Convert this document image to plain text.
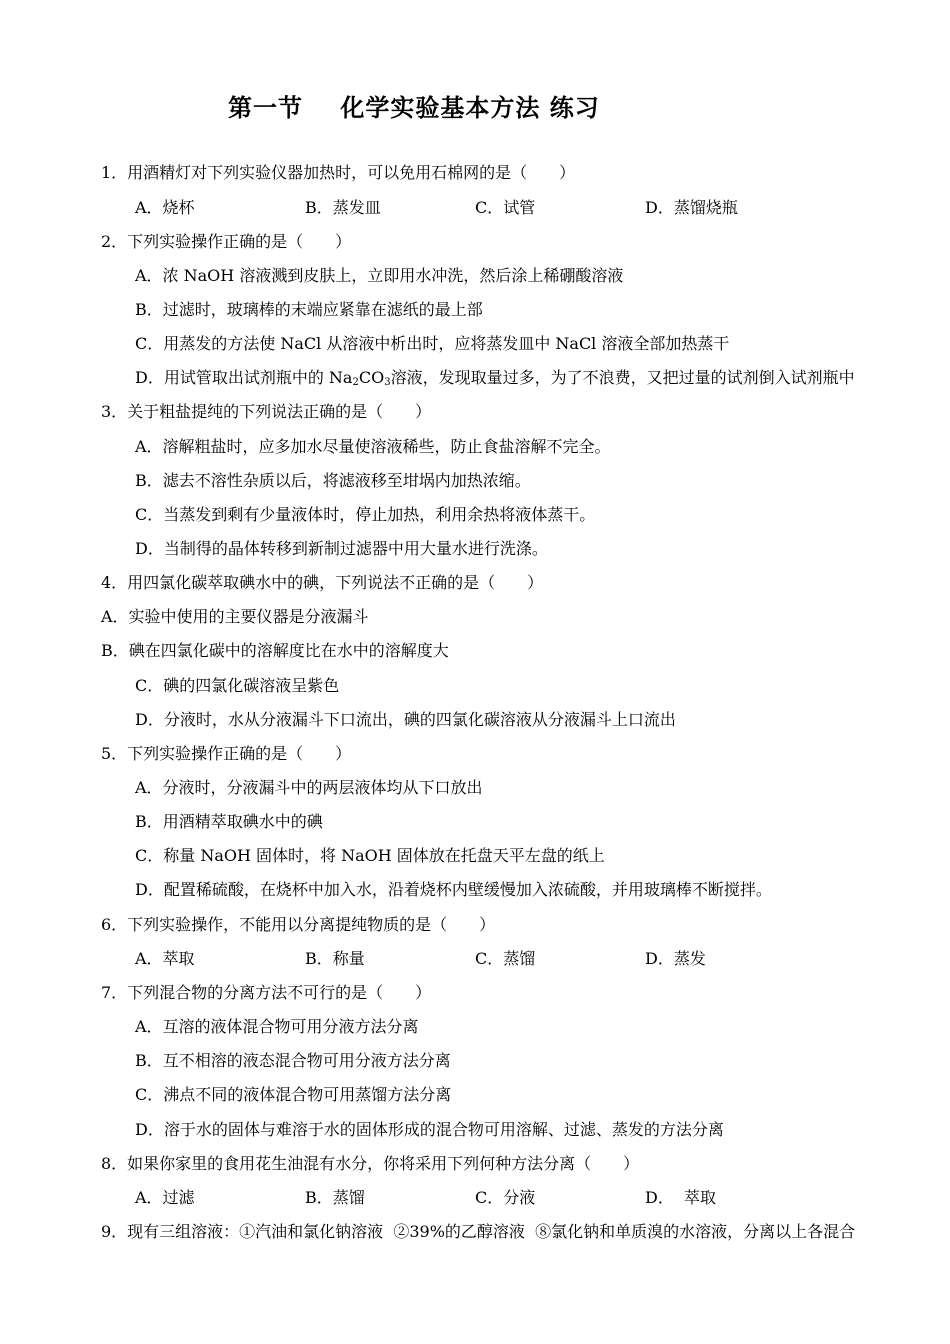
第一节    化学实验基本方法 练习
1．用酒精灯对下列实验仪器加热时，可以免用石棉网的是（　　）
A．烧杯	B．蒸发皿	C．试管	D．蒸馏烧瓶
2．下列实验操作正确的是（　　）
A．浓 NaOH 溶液溅到皮肤上，立即用水冲洗，然后涂上稀硼酸溶液
B．过滤时，玻璃棒的末端应紧靠在滤纸的最上部
C．用蒸发的方法使 NaCl 从溶液中析出时，应将蒸发皿中 NaCl 溶液全部加热蒸干
D．用试管取出试剂瓶中的 $Na_2CO_3$溶液，发现取量过多，为了不浪费，又把过量的试剂倒入试剂瓶中
3．关于粗盐提纯的下列说法正确的是（　　）
A．溶解粗盐时，应多加水尽量使溶液稀些，防止食盐溶解不完全。
B．滤去不溶性杂质以后，将滤液移至坩埚内加热浓缩。
C．当蒸发到剩有少量液体时，停止加热，利用余热将液体蒸干。
D．当制得的晶体转移到新制过滤器中用大量水进行洗涤。
4．用四氯化碳萃取碘水中的碘，下列说法不正确的是（　　）
A．实验中使用的主要仪器是分液漏斗
B．碘在四氯化碳中的溶解度比在水中的溶解度大
C．碘的四氯化碳溶液呈紫色
D．分液时，水从分液漏斗下口流出，碘的四氯化碳溶液从分液漏斗上口流出
5．下列实验操作正确的是（　　）
A．分液时，分液漏斗中的两层液体均从下口放出
B．用酒精萃取碘水中的碘
C．称量 NaOH 固体时，将 NaOH 固体放在托盘天平左盘的纸上
D．配置稀硫酸，在烧杯中加入水，沿着烧杯内壁缓慢加入浓硫酸，并用玻璃棒不断搅拌。
6．下列实验操作，不能用以分离提纯物质的是（　　）
A．萃取	B．称量	C．蒸馏	D．蒸发
7．下列混合物的分离方法不可行的是（　　）
A．互溶的液体混合物可用分液方法分离
B．互不相溶的液态混合物可用分液方法分离
C．沸点不同的液体混合物可用蒸馏方法分离
D．溶于水的固体与难溶于水的固体形成的混合物可用溶解、过滤、蒸发的方法分离
8．如果你家里的食用花生油混有水分，你将采用下列何种方法分离（　　）
A．过滤	B．蒸馏	C．分液	D．  萃取
9．现有三组溶液：①汽油和氯化钠溶液  ②39%的乙醇溶液  ⑧氯化钠和单质溴的水溶液，分离以上各混合
